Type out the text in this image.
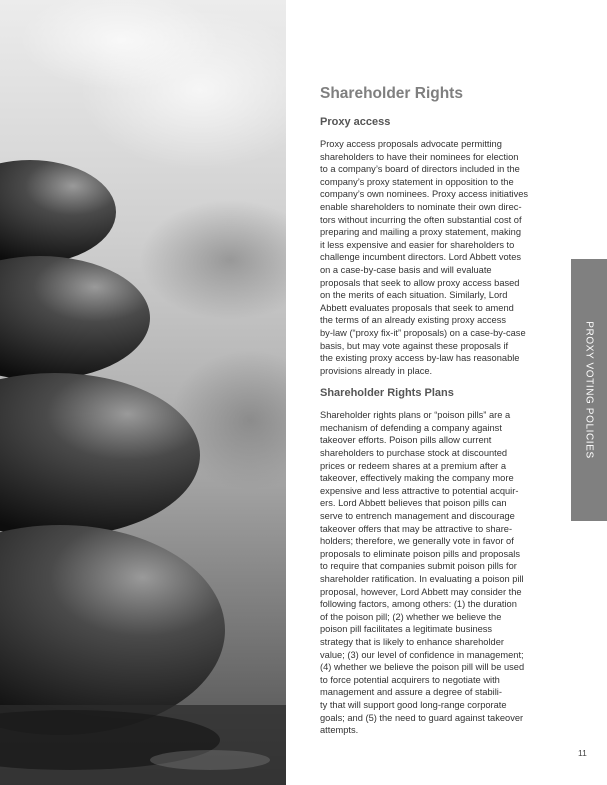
Shareholder Rights
Proxy access

Proxy access proposals advocate permitting
shareholders to have their nominees for election
to a company’s board of directors included in the
company’s proxy statement in opposition to the
company’s own nominees. Proxy access initiatives
enable shareholders to nominate their own direc-
tors without incurring the often substantial cost of
preparing and mailing a proxy statement, making
it less expensive and easier for shareholders to
challenge incumbent directors. Lord Abbett votes
on a case-by-case basis and will evaluate
proposals that seek to allow proxy access based
on the merits of each situation. Similarly, Lord
Abbett evaluates proposals that seek to amend
the terms of an already existing proxy access
by-law (“proxy fix-it” proposals) on a case-by-case
basis, but may vote against these proposals if
the existing proxy access by-law has reasonable
provisions already in place.

Shareholder Rights Plans

Shareholder rights plans or “poison pills” are a
mechanism of defending a company against
takeover efforts. Poison pills allow current
shareholders to purchase stock at discounted
prices or redeem shares at a premium after a
takeover, effectively making the company more
expensive and less attractive to potential acquir-
ers. Lord Abbett believes that poison pills can
serve to entrench management and discourage
takeover offers that may be attractive to share-
holders; therefore, we generally vote in favor of
proposals to eliminate poison pills and proposals
to require that companies submit poison pills for
shareholder ratification. In evaluating a poison pill
proposal, however, Lord Abbett may consider the
following factors, among others: (1) the duration
of the poison pill; (2) whether we believe the
poison pill facilitates a legitimate business
strategy that is likely to enhance shareholder
value; (3) our level of confidence in management;
(4) whether we believe the poison pill will be used
to force potential acquirers to negotiate with
management and assure a degree of stabili-
ty that will support good long-range corporate
goals; and (5) the need to guard against takeover
attempts.

PROXY VOTING POLICIES
11
